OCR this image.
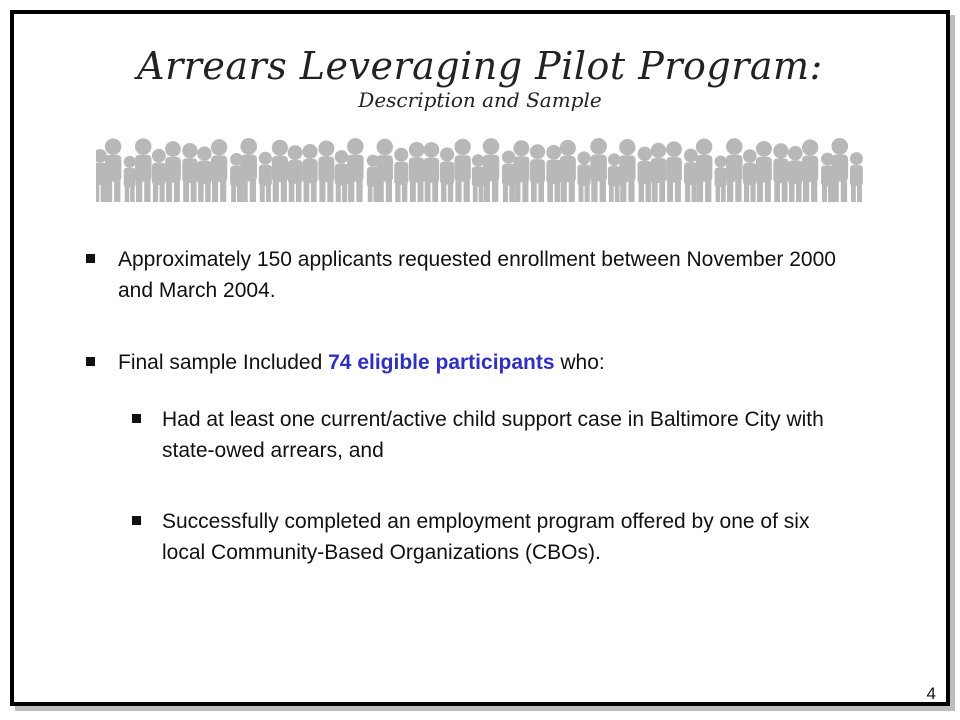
Arrears Leveraging Pilot Program:
Description and Sample
Approximately 150 applicants requested enrollment between November 2000 and March 2004.
Final sample Included 74 eligible participants who:
Had at least one current/active child support case in Baltimore City with state-owed arrears, and
Successfully completed an employment program offered by one of six local Community-Based Organizations (CBOs).
4
